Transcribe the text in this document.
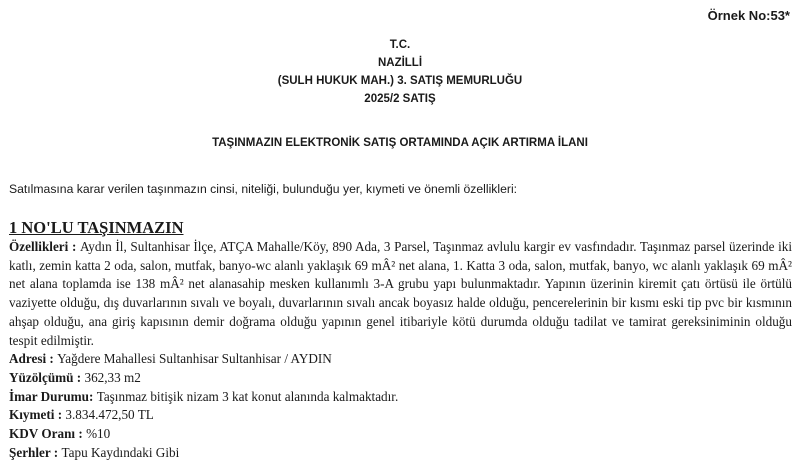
Örnek No:53*
T.C.
NAZİLLİ
(SULH HUKUK MAH.) 3. SATIŞ MEMURLUĞU
2025/2 SATIŞ
TAŞINMAZIN ELEKTRONİK SATIŞ ORTAMINDA AÇIK ARTIRMA İLANI
Satılmasına karar verilen taşınmazın cinsi, niteliği, bulunduğu yer, kıymeti ve önemli özellikleri:
1 NO'LU TAŞINMAZIN
Özellikleri : Aydın İl, Sultanhisar İlçe, ATÇA Mahalle/Köy, 890 Ada, 3 Parsel, Taşınmaz avlulu kargir ev vasfındadır. Taşınmaz parsel üzerinde iki katlı, zemin katta 2 oda, salon, mutfak, banyo-wc alanlı yaklaşık 69 mÂ² net alana, 1. Katta 3 oda, salon, mutfak, banyo, wc alanlı yaklaşık 69 mÂ² net alana toplamda ise 138 mÂ² net alanasahip mesken kullanımlı 3-A grubu yapı bulunmaktadır. Yapının üzerinin kiremit çatı örtüsü ile örtülü vaziyette olduğu, dış duvarlarının sıvalı ve boyalı, duvarlarının sıvalı ancak boyasız halde olduğu, pencerelerinin bir kısmı eski tip pvc bir kısmının ahşap olduğu, ana giriş kapısının demir doğrama olduğu yapının genel itibariyle kötü durumda olduğu tadilat ve tamirat gereksiniminin olduğu tespit edilmiştir.
Adresi : Yağdere Mahallesi Sultanhisar Sultanhisar / AYDIN
Yüzölçümü : 362,33 m2
İmar Durumu: Taşınmaz bitişik nizam 3 kat konut alanında kalmaktadır.
Kıymeti : 3.834.472,50 TL
KDV Oranı : %10
Şerhler : Tapu Kaydındaki Gibi
